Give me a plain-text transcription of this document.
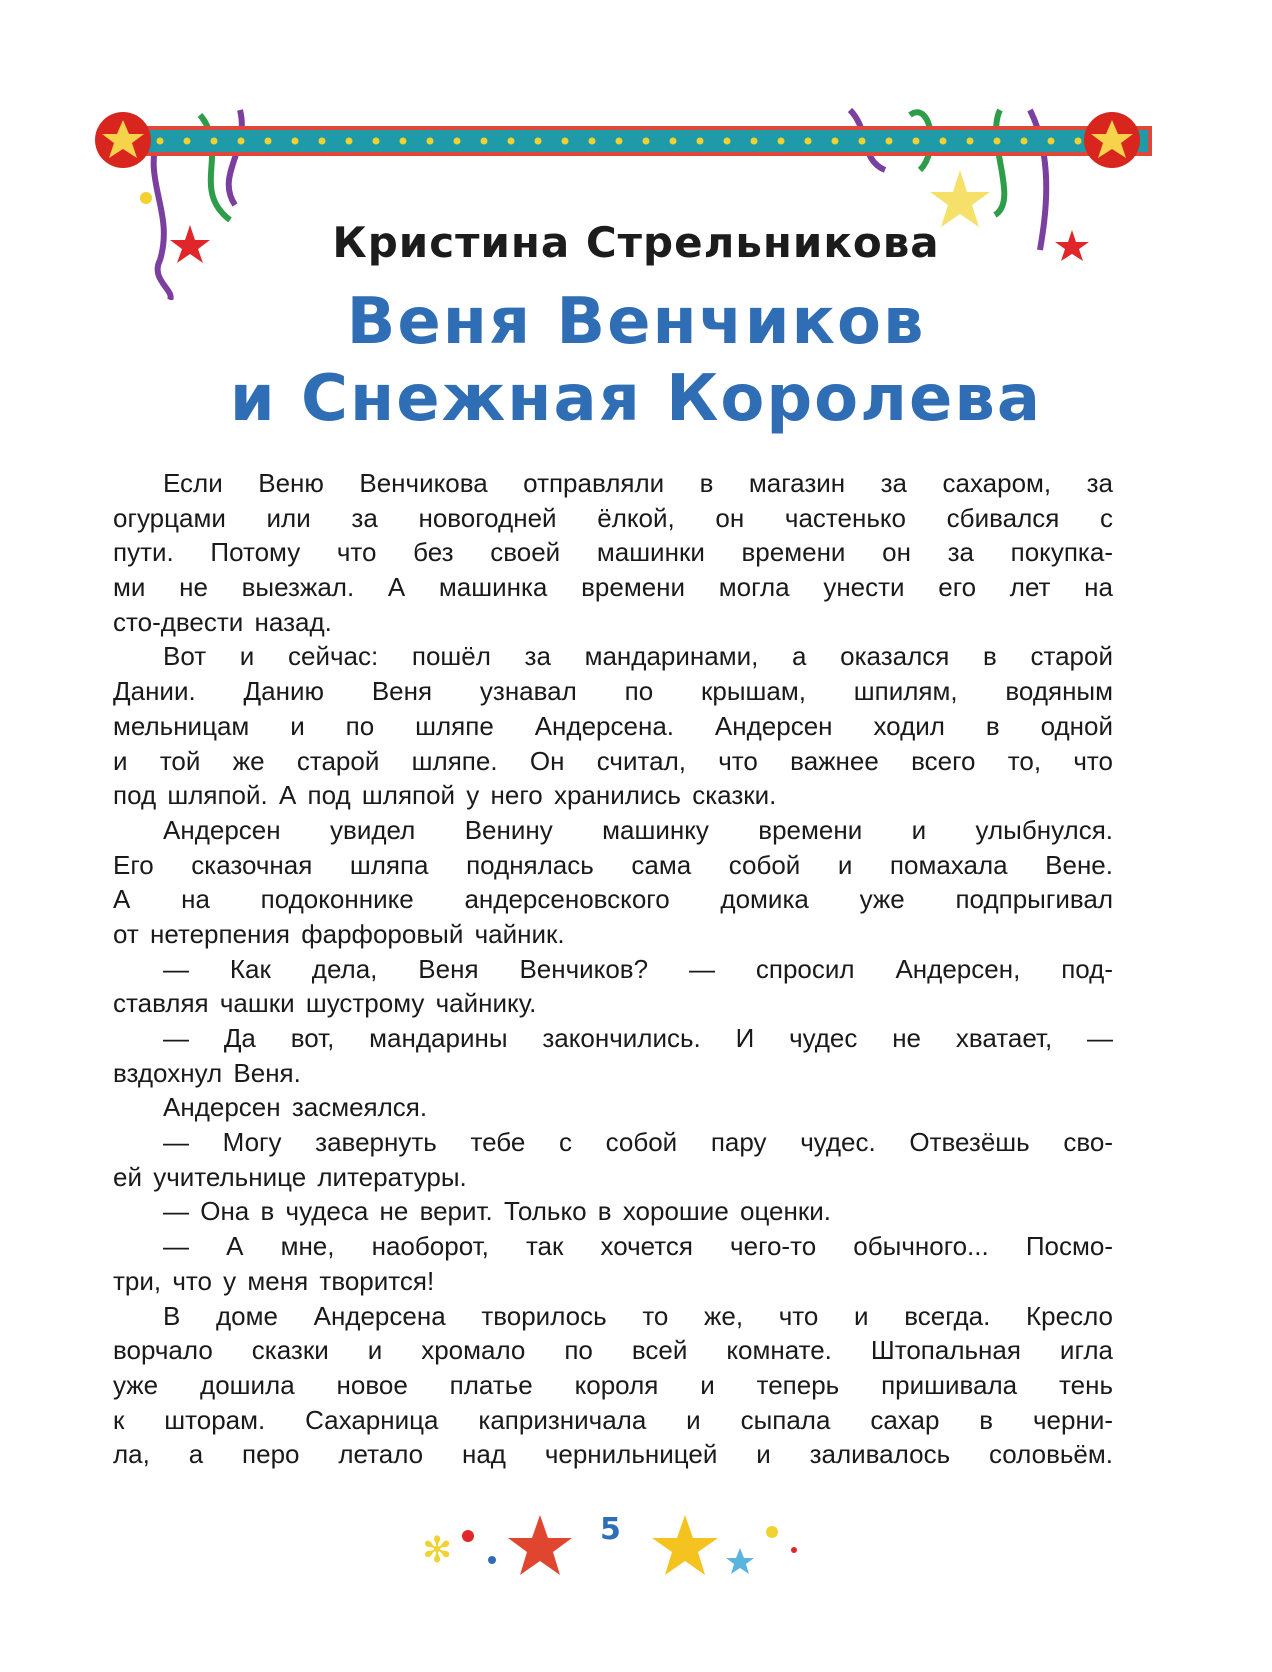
Кристина Стрельникова
Веня Венчиков
и Снежная Королева
Если Веню Венчикова отправляли в магазин за сахаром, за
огурцами или за новогодней ёлкой, он частенько сбивался с
пути. Потому что без своей машинки времени он за покупка-
ми не выезжал. А машинка времени могла унести его лет на
сто-двести назад.
Вот и сейчас: пошёл за мандаринами, а оказался в старой
Дании. Данию Веня узнавал по крышам, шпилям, водяным
мельницам и по шляпе Андерсена. Андерсен ходил в одной
и той же старой шляпе. Он считал, что важнее всего то, что
под шляпой. А под шляпой у него хранились сказки.
Андерсен увидел Венину машинку времени и улыбнулся.
Его сказочная шляпа поднялась сама собой и помахала Вене.
А на подоконнике андерсеновского домика уже подпрыгивал
от нетерпения фарфоровый чайник.
— Как дела, Веня Венчиков? — спросил Андерсен, под-
ставляя чашки шустрому чайнику.
— Да вот, мандарины закончились. И чудес не хватает, —
вздохнул Веня.
Андерсен засмеялся.
— Могу завернуть тебе с собой пару чудес. Отвезёшь сво-
ей учительнице литературы.
— Она в чудеса не верит. Только в хорошие оценки.
— А мне, наоборот, так хочется чего-то обычного... Посмо-
три, что у меня творится!
В доме Андерсена творилось то же, что и всегда. Кресло
ворчало сказки и хромало по всей комнате. Штопальная игла
уже дошила новое платье короля и теперь пришивала тень
к шторам. Сахарница капризничала и сыпала сахар в черни-
ла, а перо летало над чернильницей и заливалось соловьём.
✻
5
